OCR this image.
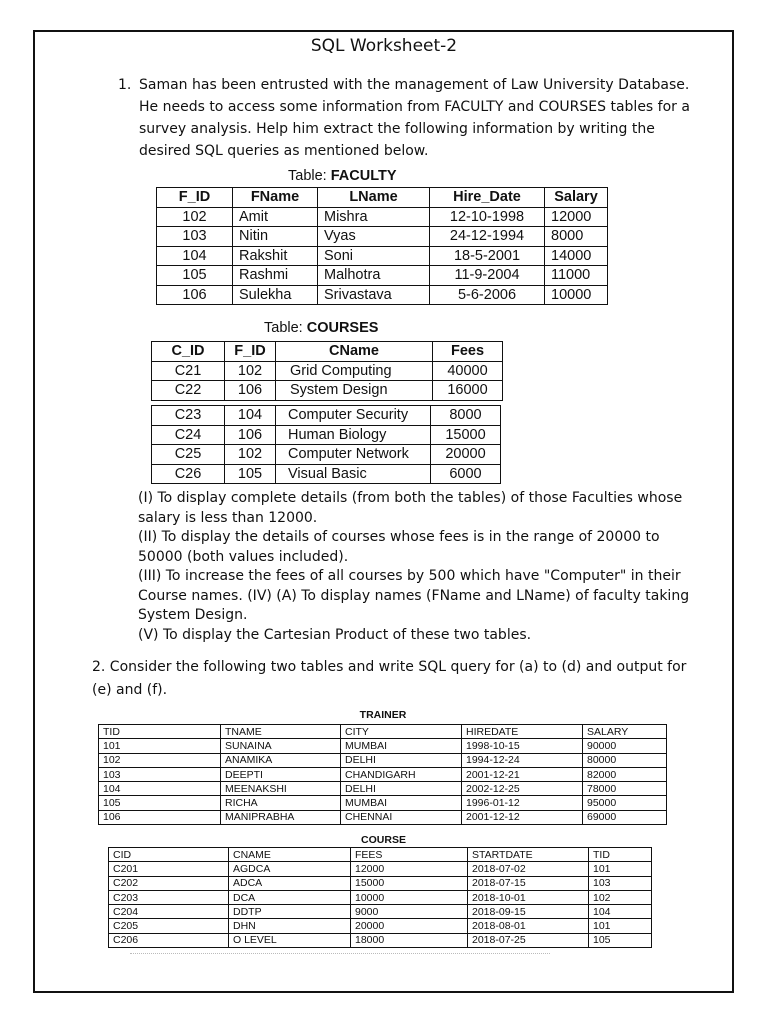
SQL Worksheet-2
1. Saman has been entrusted with the management of Law University Database.
He needs to access some information from FACULTY and COURSES tables for a
survey analysis. Help him extract the following information by writing the
desired SQL queries as mentioned below.
Table: FACULTY
F_ID	FName	LName	Hire_Date	Salary
102	Amit	Mishra	12-10-1998	12000
103	Nitin	Vyas	24-12-1994	8000
104	Rakshit	Soni	18-5-2001	14000
105	Rashmi	Malhotra	11-9-2004	11000
106	Sulekha	Srivastava	5-6-2006	10000
Table: COURSES
C_ID	F_ID	CName	Fees
C21	102	Grid Computing	40000
C22	106	System Design	16000
C23	104	Computer Security	8000
C24	106	Human Biology	15000
C25	102	Computer Network	20000
C26	105	Visual Basic	6000
(I) To display complete details (from both the tables) of those Faculties whose
salary is less than 12000.
(II) To display the details of courses whose fees is in the range of 20000 to
50000 (both values included).
(III) To increase the fees of all courses by 500 which have "Computer" in their
Course names. (IV) (A) To display names (FName and LName) of faculty taking
System Design.
(V) To display the Cartesian Product of these two tables.
2. Consider the following two tables and write SQL query for (a) to (d) and output for
(e) and (f).
TRAINER
TID	TNAME	CITY	HIREDATE	SALARY
101	SUNAINA	MUMBAI	1998-10-15	90000
102	ANAMIKA	DELHI	1994-12-24	80000
103	DEEPTI	CHANDIGARH	2001-12-21	82000
104	MEENAKSHI	DELHI	2002-12-25	78000
105	RICHA	MUMBAI	1996-01-12	95000
106	MANIPRABHA	CHENNAI	2001-12-12	69000
COURSE
CID	CNAME	FEES	STARTDATE	TID
C201	AGDCA	12000	2018-07-02	101
C202	ADCA	15000	2018-07-15	103
C203	DCA	10000	2018-10-01	102
C204	DDTP	9000	2018-09-15	104
C205	DHN	20000	2018-08-01	101
C206	O LEVEL	18000	2018-07-25	105
